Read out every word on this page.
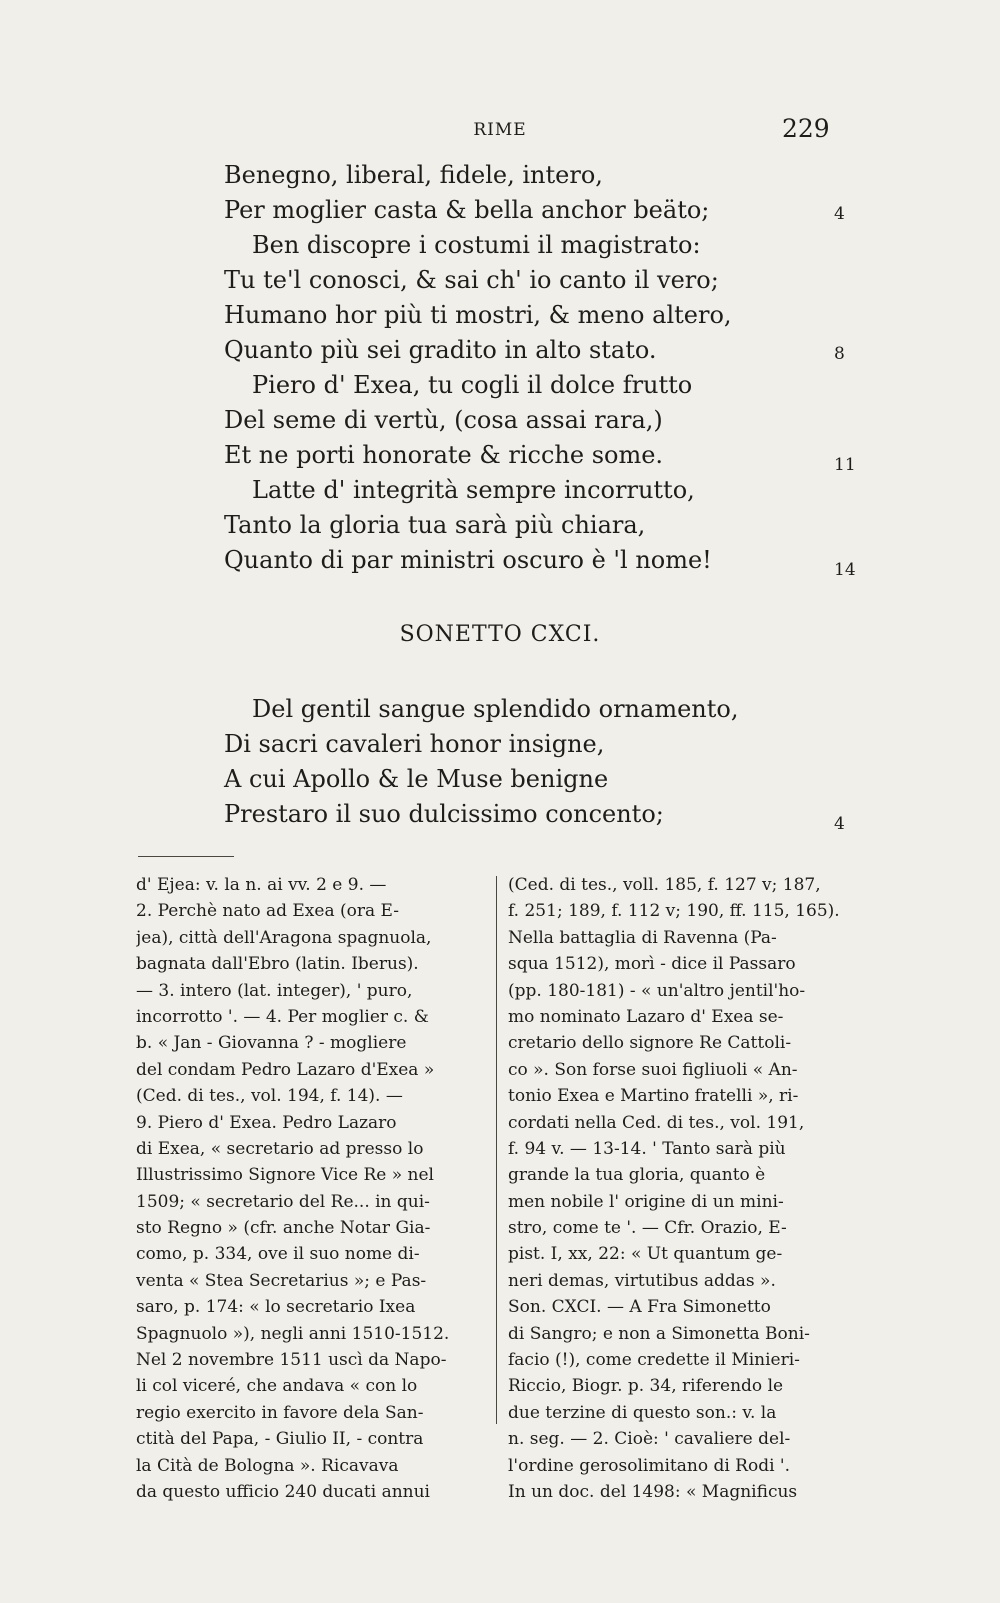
RIME	229
Benegno, liberal, fidele, intero,
Per moglier casta & bella anchor beäto;	4
Ben discopre i costumi il magistrato:
Tu te'l conosci, & sai ch' io canto il vero;
Humano hor più ti mostri, & meno altero,
Quanto più sei gradito in alto stato.	8
Piero d' Exea, tu cogli il dolce frutto
Del seme di vertù, (cosa assai rara,)
Et ne porti honorate & ricche some.	11
Latte d' integrità sempre incorrutto,
Tanto la gloria tua sarà più chiara,
Quanto di par ministri oscuro è 'l nome!	14
SONETTO CXCI.
Del gentil sangue splendido ornamento,
Di sacri cavaleri honor insigne,
A cui Apollo & le Muse benigne
Prestaro il suo dulcissimo concento;	4
d' Ejea: v. la n. ai vv. 2 e 9. —
2. Perchè nato ad Exea (ora E-
jea), città dell'Aragona spagnuola,
bagnata dall'Ebro (latin. Iberus).
— 3. intero (lat. integer), ' puro,
incorrotto '. — 4. Per moglier c. &
b. « Jan - Giovanna ? - mogliere
del condam Pedro Lazaro d'Exea »
(Ced. di tes., vol. 194, f. 14). —
9. Piero d' Exea. Pedro Lazaro
di Exea, « secretario ad presso lo
Illustrissimo Signore Vice Re » nel
1509; « secretario del Re... in qui-
sto Regno » (cfr. anche Notar Gia-
como, p. 334, ove il suo nome di-
venta « Stea Secretarius »; e Pas-
saro, p. 174: « lo secretario Ixea
Spagnuolo »), negli anni 1510-1512.
Nel 2 novembre 1511 uscì da Napo-
li col viceré, che andava « con lo
regio exercito in favore dela San-
ctità del Papa, - Giulio II, - contra
la Cità de Bologna ». Ricavava
da questo ufficio 240 ducati annui
(Ced. di tes., voll. 185, f. 127 v; 187,
f. 251; 189, f. 112 v; 190, ff. 115, 165).
Nella battaglia di Ravenna (Pa-
squa 1512), morì - dice il Passaro
(pp. 180-181) - « un'altro jentil'ho-
mo nominato Lazaro d' Exea se-
cretario dello signore Re Cattoli-
co ». Son forse suoi figliuoli « An-
tonio Exea e Martino fratelli », ri-
cordati nella Ced. di tes., vol. 191,
f. 94 v. — 13-14. ' Tanto sarà più
grande la tua gloria, quanto è
men nobile l' origine di un mini-
stro, come te '. — Cfr. Orazio, E-
pist. I, xx, 22: « Ut quantum ge-
neri demas, virtutibus addas ».
Son. CXCI. — A Fra Simonetto
di Sangro; e non a Simonetta Boni-
facio (!), come credette il Minieri-
Riccio, Biogr. p. 34, riferendo le
due terzine di questo son.: v. la
n. seg. — 2. Cioè: ' cavaliere del-
l'ordine gerosolimitano di Rodi '.
In un doc. del 1498: « Magnificus
